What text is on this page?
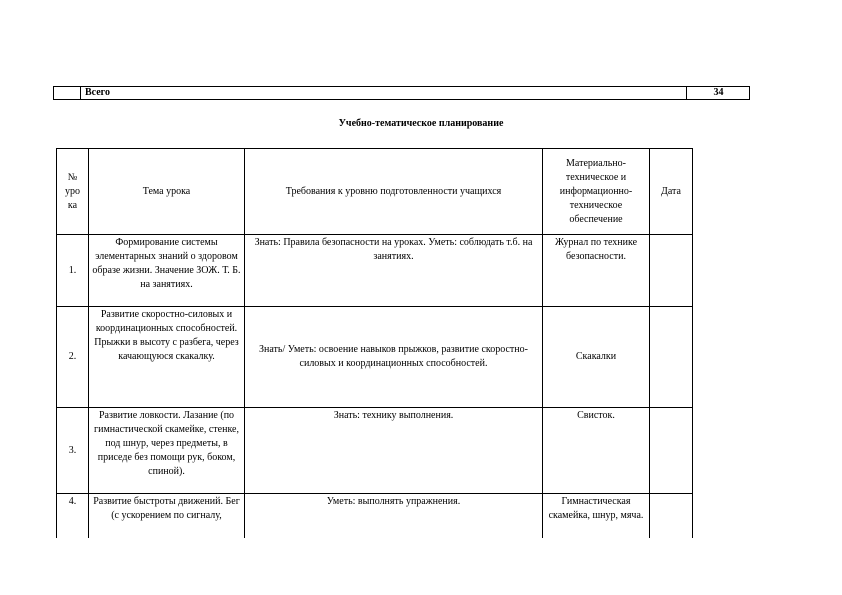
Всего	34
Учебно-тематическое планирование
№ уро ка	Тема урока	Требования к уровню подготовленности учащихся	Материально-техническое и информационно-техническое обеспечение	Дата
1.	Формирование системы элементарных знаний о здоровом образе жизни. Значение ЗОЖ. Т. Б. на занятиях.	Знать: Правила безопасности на уроках. Уметь: соблюдать т.б. на занятиях.	Журнал по технике безопасности.	
2.	Развитие скоростно-силовых и координационных способностей. Прыжки в высоту с разбега, через качающуюся скакалку.	Знать/ Уметь: освоение навыков прыжков, развитие скоростно-силовых и координационных способностей.	Скакалки	
3.	Развитие ловкости. Лазание (по гимнастической скамейке, стенке, под шнур, через предметы, в приседе без помощи рук, боком, спиной).	Знать: технику выполнения.	Свисток.	
4.	Развитие быстроты движений. Бег (с ускорением по сигналу,	Уметь: выполнять упражнения.	Гимнастическая скамейка, шнур, мяча.	
